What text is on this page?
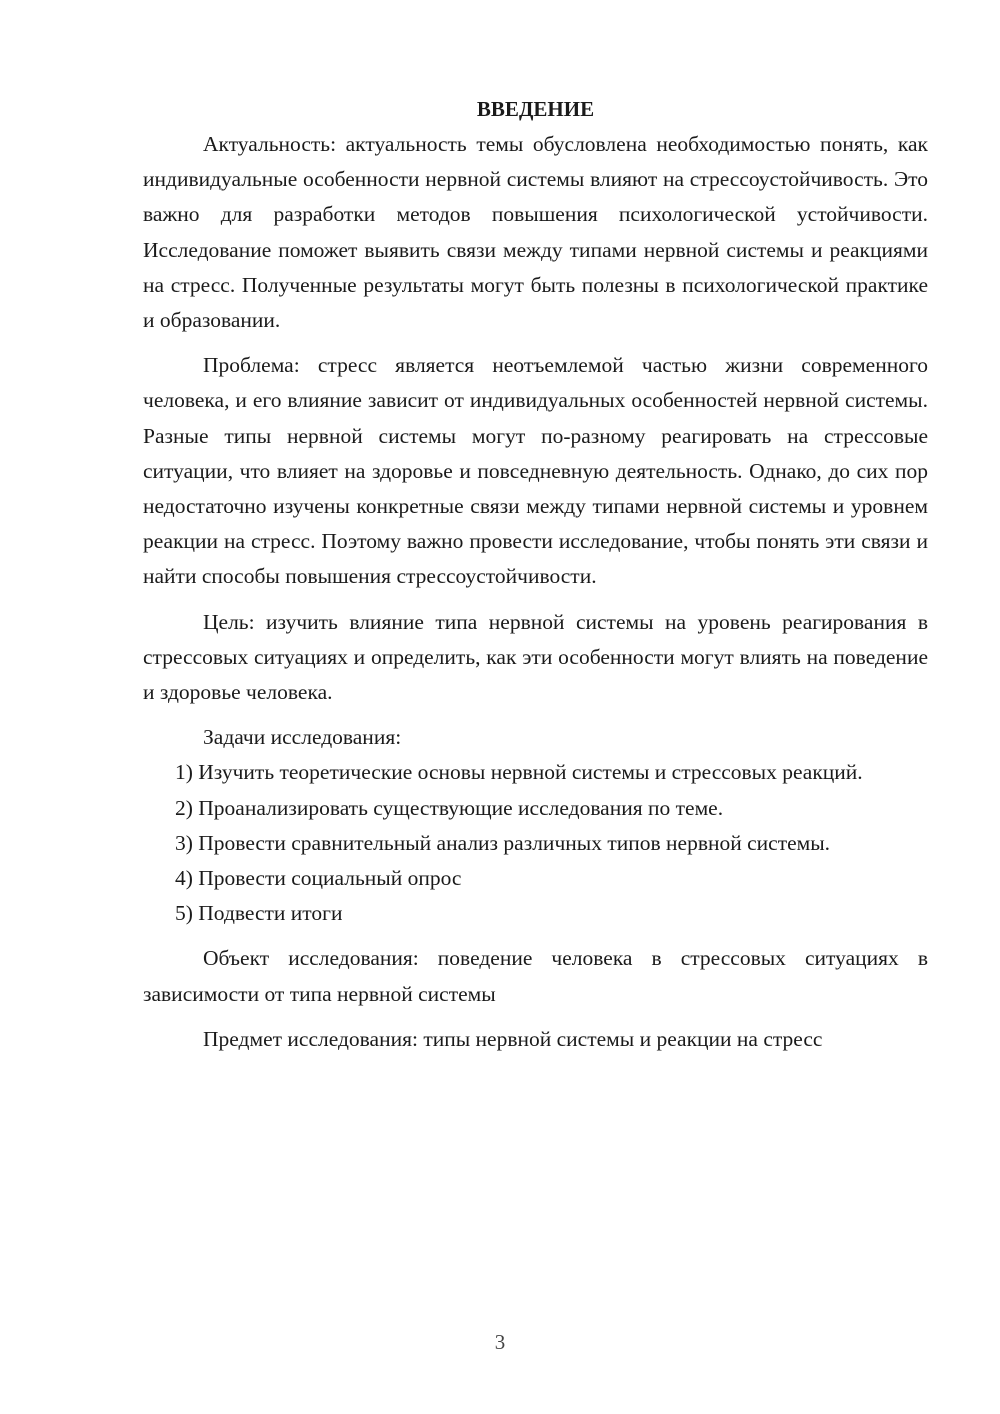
ВВЕДЕНИЕ

Актуальность: актуальность темы обусловлена необходимостью понять, как индивидуальные особенности нервной системы влияют на стрессоустойчивость. Это важно для разработки методов повышения психологической устойчивости. Исследование поможет выявить связи между типами нервной системы и реакциями на стресс. Полученные результаты могут быть полезны в психологической практике и образовании.

Проблема: стресс является неотъемлемой частью жизни современного человека, и его влияние зависит от индивидуальных особенностей нервной системы. Разные типы нервной системы могут по-разному реагировать на стрессовые ситуации, что влияет на здоровье и повседневную деятельность. Однако, до сих пор недостаточно изучены конкретные связи между типами нервной системы и уровнем реакции на стресс. Поэтому важно провести исследование, чтобы понять эти связи и найти способы повышения стрессоустойчивости.

Цель: изучить влияние типа нервной системы на уровень реагирования в стрессовых ситуациях и определить, как эти особенности могут влиять на поведение и здоровье человека.

Задачи исследования:

1) Изучить теоретические основы нервной системы и стрессовых реакций.

2) Проанализировать существующие исследования по теме.

3) Провести сравнительный анализ различных типов нервной системы.

4) Провести социальный опрос

5) Подвести итоги

Объект исследования: поведение человека в стрессовых ситуациях в зависимости от типа нервной системы

Предмет исследования: типы нервной системы и реакции на стресс

3
